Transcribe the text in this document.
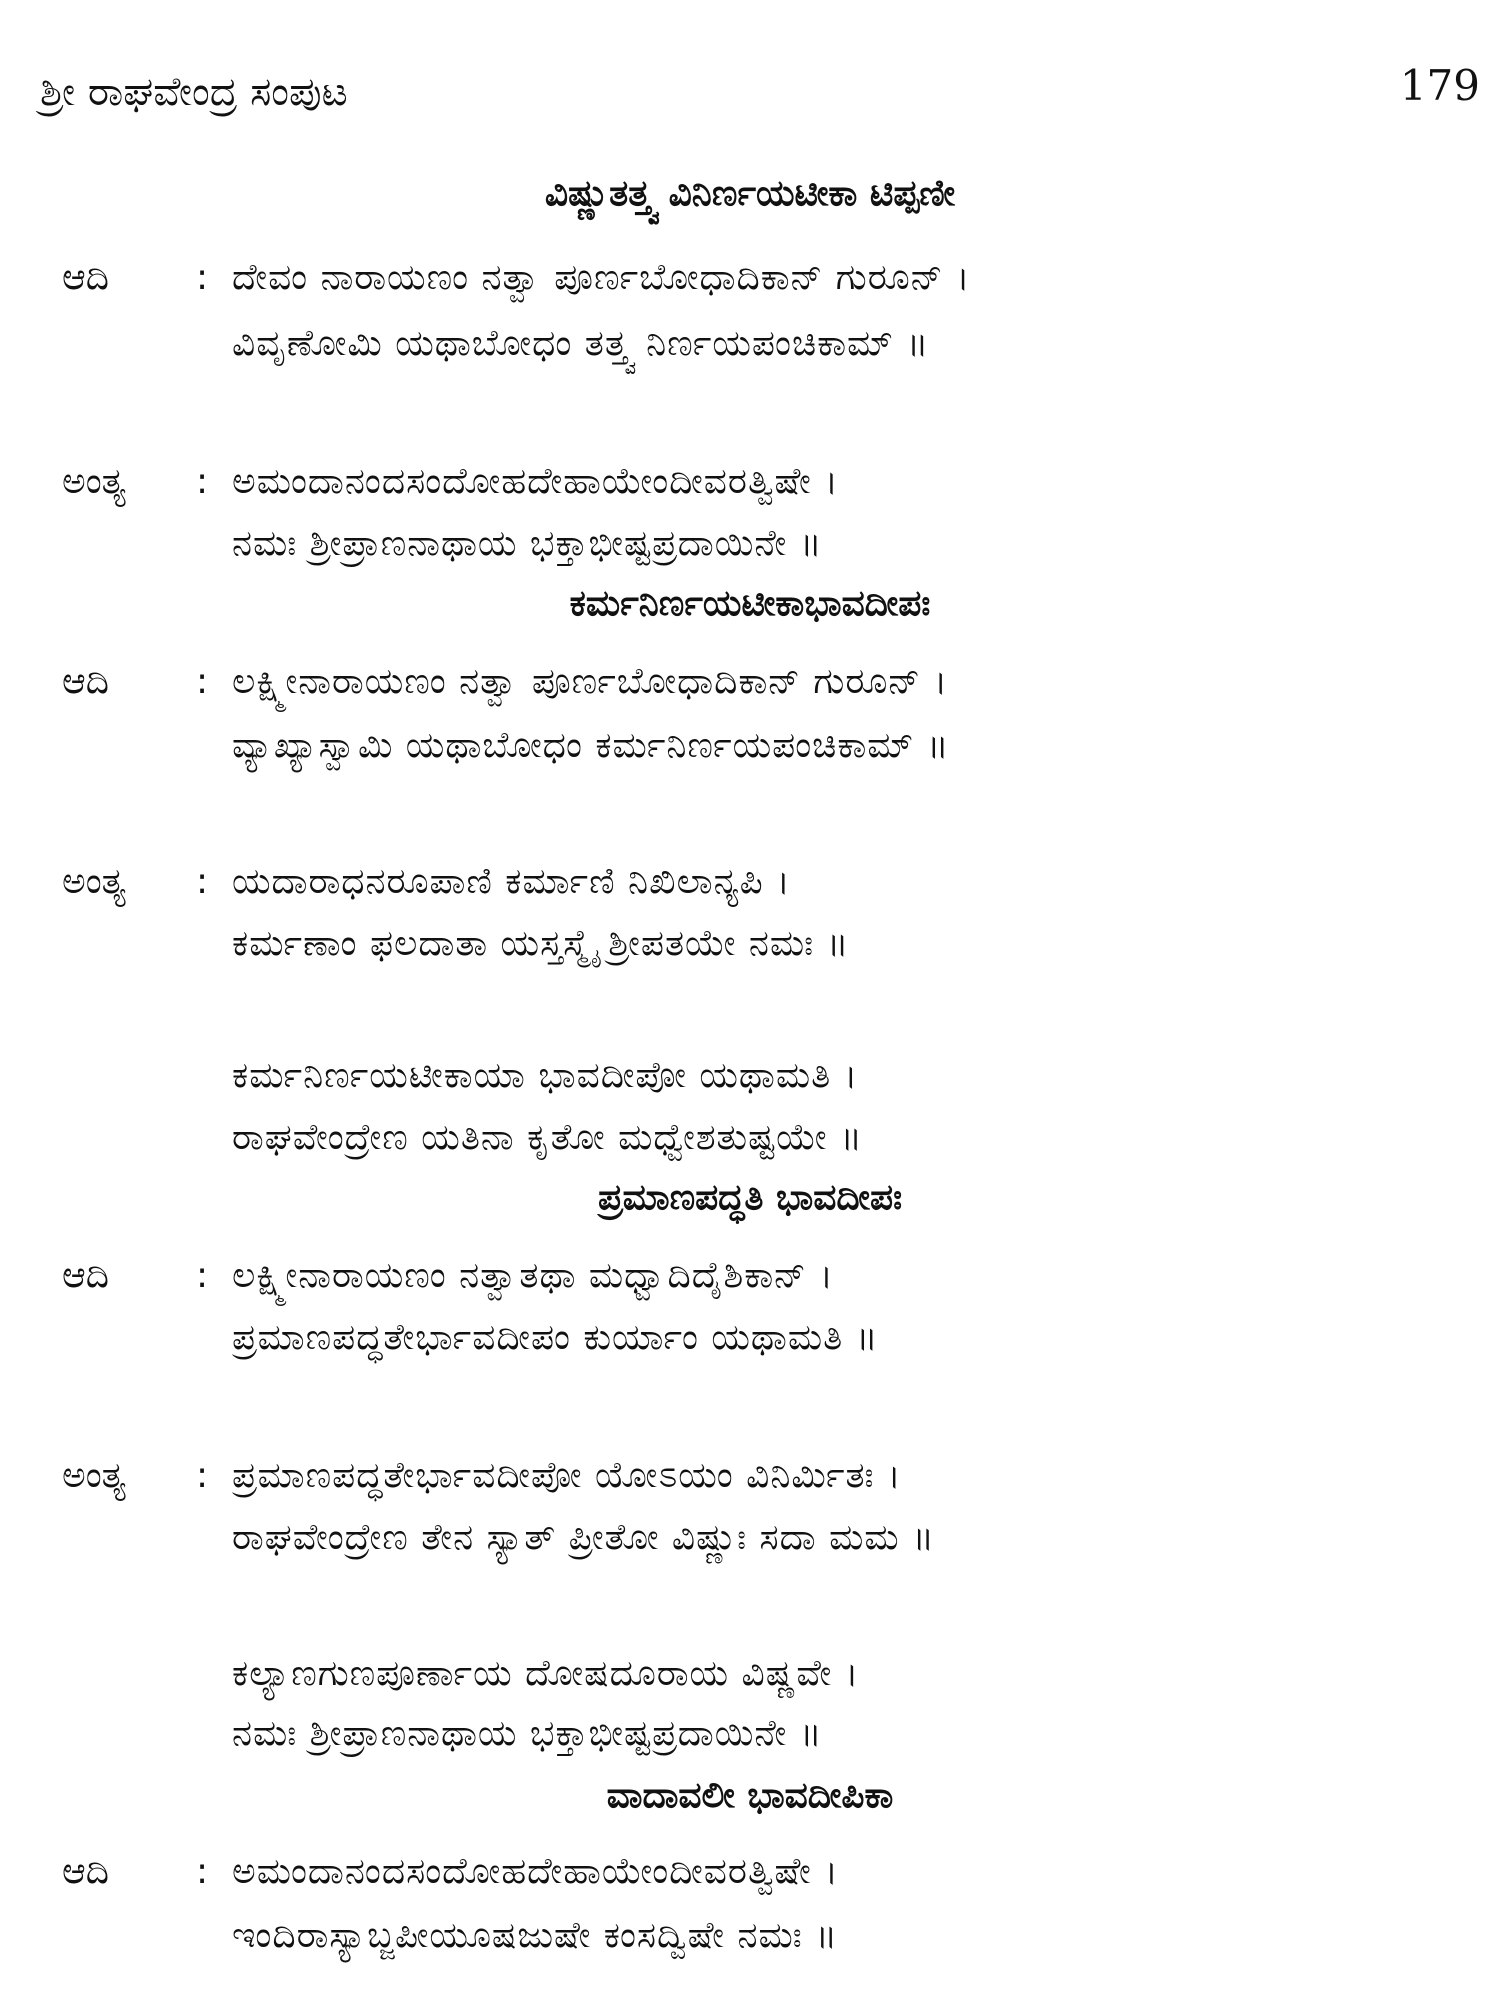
ಶ್ರೀ ರಾಘವೇಂದ್ರ ಸಂಪುಟ	179
ವಿಷ್ಣುತತ್ತ್ವ ವಿನಿರ್ಣಯಟೀಕಾ ಟಿಪ್ಪಣೀ
ಆದಿ : ದೇವಂ ನಾರಾಯಣಂ ನತ್ವಾ ಪೂರ್ಣಬೋಧಾದಿಕಾನ್ ಗುರೂನ್ ।
ವಿವೃಣೋಮಿ ಯಥಾಬೋಧಂ ತತ್ತ್ವ ನಿರ್ಣಯಪಂಚಿಕಾಮ್ ॥
ಅಂತ್ಯ : ಅಮಂದಾನಂದಸಂದೋಹದೇಹಾಯೇಂದೀವರತ್ವಿಷೇ ।
ನಮಃ ಶ್ರೀಪ್ರಾಣನಾಥಾಯ ಭಕ್ತಾಭೀಷ್ಟಪ್ರದಾಯಿನೇ ॥
ಕರ್ಮನಿರ್ಣಯಟೀಕಾಭಾವದೀಪಃ
ಆದಿ : ಲಕ್ಷ್ಮೀನಾರಾಯಣಂ ನತ್ವಾ ಪೂರ್ಣಬೋಧಾದಿಕಾನ್ ಗುರೂನ್ ।
ವ್ಯಾಖ್ಯಾಸ್ವಾಮಿ ಯಥಾಬೋಧಂ ಕರ್ಮನಿರ್ಣಯಪಂಚಿಕಾಮ್ ॥
ಅಂತ್ಯ : ಯದಾರಾಧನರೂಪಾಣಿ ಕರ್ಮಾಣಿ ನಿಖಿಲಾನ್ಯಪಿ ।
ಕರ್ಮಣಾಂ ಫಲದಾತಾ ಯಸ್ತಸ್ಮೈ ಶ್ರೀಪತಯೇ ನಮಃ ॥
ಕರ್ಮನಿರ್ಣಯಟೀಕಾಯಾ ಭಾವದೀಪೋ ಯಥಾಮತಿ ।
ರಾಘವೇಂದ್ರೇಣ ಯತಿನಾ ಕೃತೋ ಮಧ್ವೇಶತುಷ್ಟಯೇ ॥
ಪ್ರಮಾಣಪದ್ಧತಿ ಭಾವದೀಪಃ
ಆದಿ : ಲಕ್ಷ್ಮೀನಾರಾಯಣಂ ನತ್ವಾತಥಾ ಮಧ್ವಾದಿದೈಶಿಕಾನ್ ।
ಪ್ರಮಾಣಪದ್ಧತೇರ್ಭಾವದೀಪಂ ಕುರ್ಯಾಂ ಯಥಾಮತಿ ॥
ಅಂತ್ಯ : ಪ್ರಮಾಣಪದ್ಧತೇರ್ಭಾವದೀಪೋ ಯೋಽಯಂ ವಿನಿರ್ಮಿತಃ ।
ರಾಘವೇಂದ್ರೇಣ ತೇನ ಸ್ಯಾತ್ ಪ್ರೀತೋ ವಿಷ್ಣುಃ ಸದಾ ಮಮ ॥
ಕಲ್ಯಾಣಗುಣಪೂರ್ಣಾಯ ದೋಷದೂರಾಯ ವಿಷ್ಣವೇ ।
ನಮಃ ಶ್ರೀಪ್ರಾಣನಾಥಾಯ ಭಕ್ತಾಭೀಷ್ಟಪ್ರದಾಯಿನೇ ॥
ವಾದಾವಲೀ ಭಾವದೀಪಿಕಾ
ಆದಿ : ಅಮಂದಾನಂದಸಂದೋಹದೇಹಾಯೇಂದೀವರತ್ವಿಷೇ ।
ಇಂದಿರಾಸ್ಯಾಬ್ಜಪೀಯೂಷಜುಷೇ ಕಂಸದ್ವಿಷೇ ನಮಃ ॥
